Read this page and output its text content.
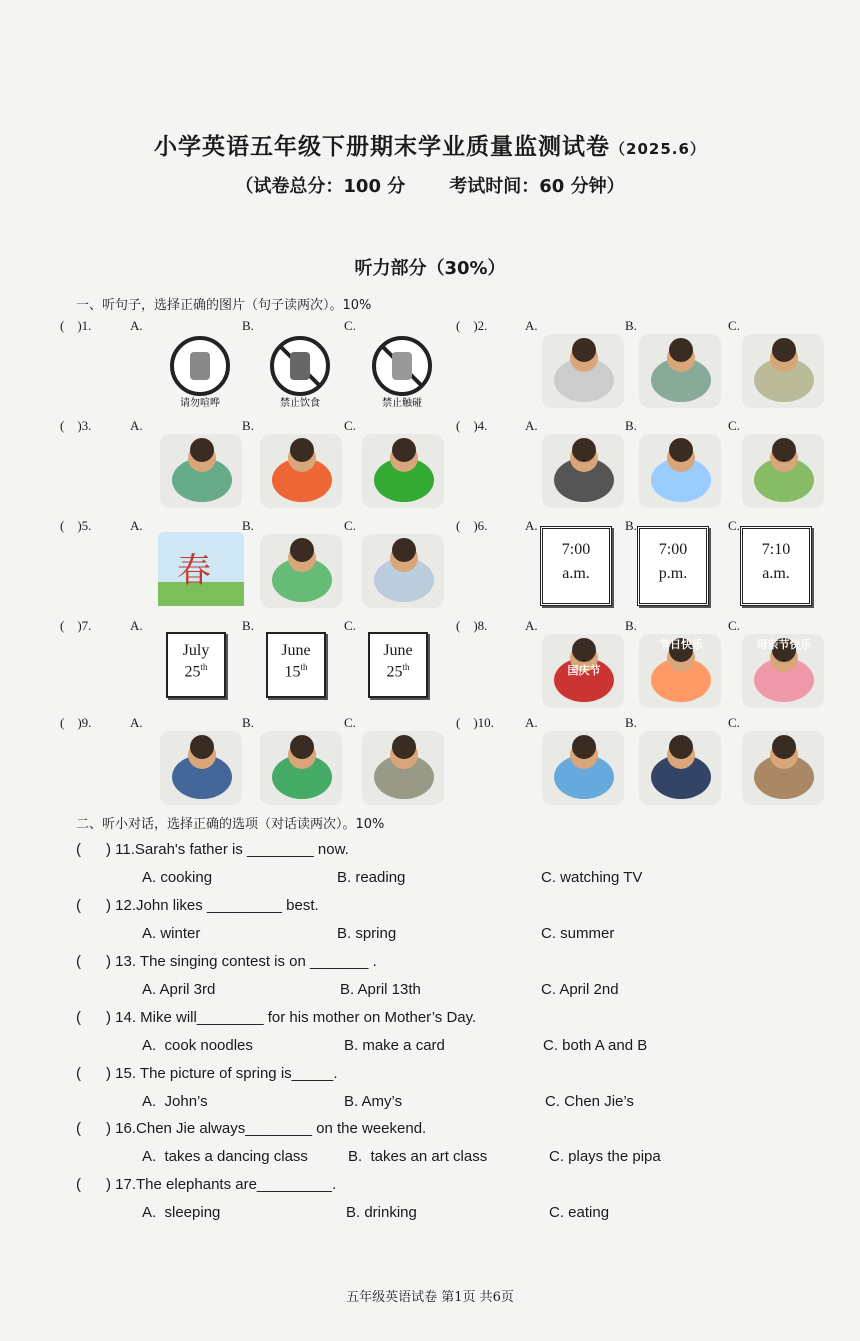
小学英语五年级下册期末学业质量监测试卷（2025.6）
（试卷总分：100 分 考试时间：60 分钟）
听力部分（30%）
一、听句子，选择正确的图片（句子读两次）。10%
(    )1.	A.	B.	C.
请勿喧哗	禁止饮食	禁止触碰
(    )2.	A.	B.	C.
(    )3.	A.	B.	C.	(    )4.	A.	B.	C.
(    )5.	A.	B.	C.
春
(    )6.	A.	B.	C.
7:00
a.m.
7:00
p.m.
7:10
a.m.
(    )7.	A.	B.	C.
July
25th
June
15th
June
25th
(    )8.	A.	B.	C.
国庆节
节日快乐	母亲节快乐
(    )9.	A.	B.	C.	(    )10. A.	B.	C.
二、听小对话，选择正确的选项（对话读两次）。10%
(      ) 11.Sarah's father is ________ now.
A. cooking	B. reading	C. watching TV
(      ) 12.John likes _________ best.
A. winter	B. spring	C. summer
(      ) 13. The singing contest is on _______ .
A. April 3rd	B. April 13th	C. April 2nd
(      ) 14. Mike will________ for his mother on Mother’s Day.
A.  cook noodles	B. make a card	C. both A and B
(      ) 15. The picture of spring is_____.
A.  John’s	B. Amy’s	C. Chen Jie’s
(      ) 16.Chen Jie always________ on the weekend.
A.  takes a dancing class	B.  takes an art class	C. plays the pipa
(      ) 17.The elephants are_________.
A.  sleeping	B. drinking	C. eating
五年级英语试卷 第1页 共6页
